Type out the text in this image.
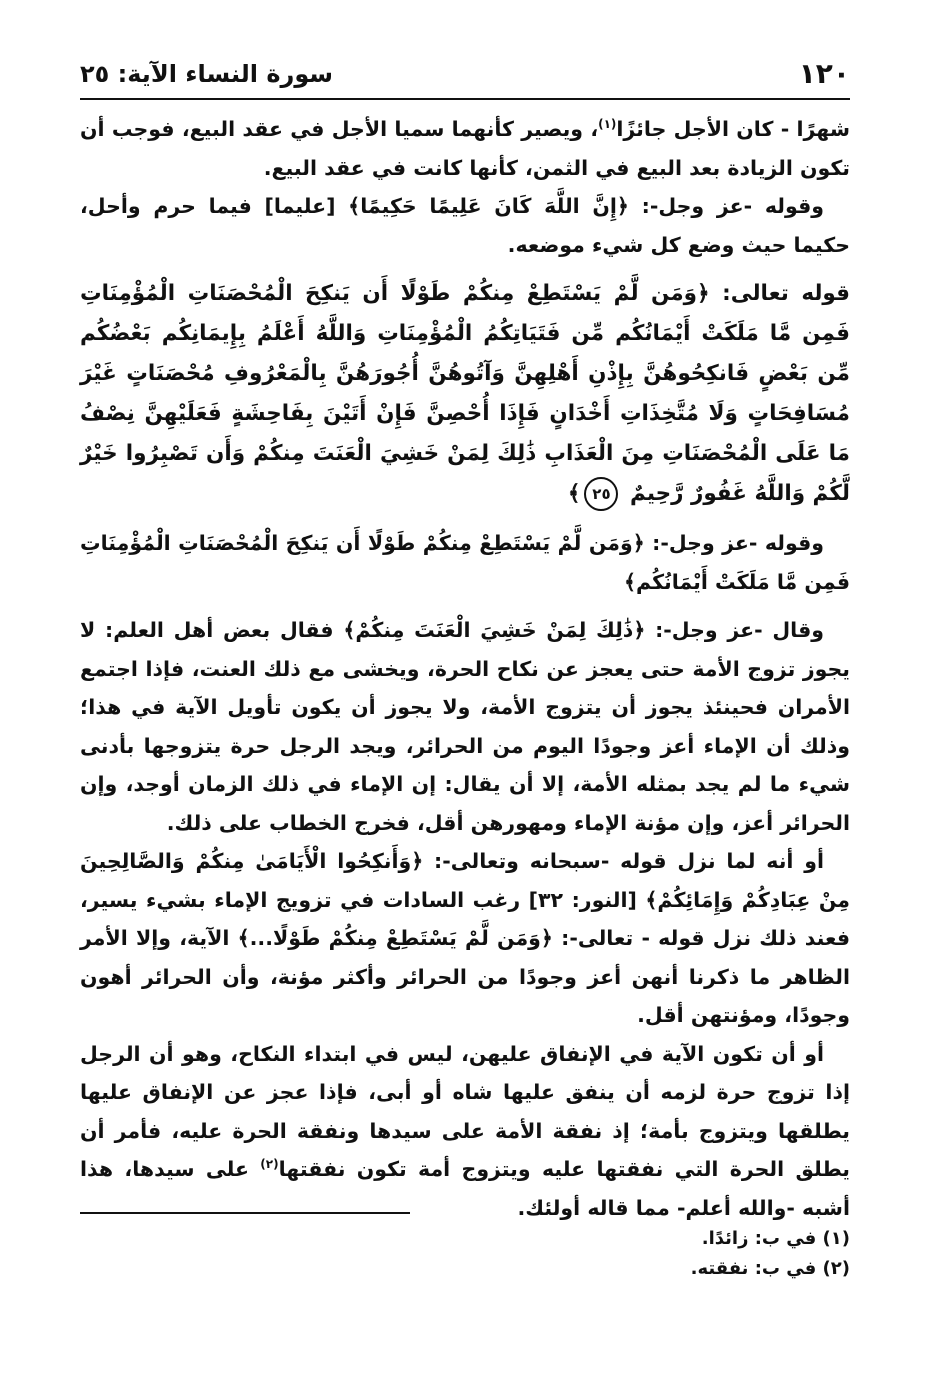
١٢٠
سورة النساء الآية: ٢٥

شهرًا - كان الأجل جائزًا$^{(١)}$، ويصير كأنهما سميا الأجل في عقد البيع، فوجب أن تكون الزيادة بعد البيع في الثمن، كأنها كانت في عقد البيع.

وقوله -عز وجل-: ﴿إِنَّ اللَّهَ كَانَ عَلِيمًا حَكِيمًا﴾ [عليما] فيما حرم وأحل، حكيما حيث وضع كل شيء موضعه.

قوله تعالى: ﴿وَمَن لَّمْ يَسْتَطِعْ مِنكُمْ طَوْلًا أَن يَنكِحَ الْمُحْصَنَاتِ الْمُؤْمِنَاتِ فَمِن مَّا مَلَكَتْ أَيْمَانُكُم مِّن فَتَيَاتِكُمُ الْمُؤْمِنَاتِ وَاللَّهُ أَعْلَمُ بِإِيمَانِكُم بَعْضُكُم مِّن بَعْضٍ فَانكِحُوهُنَّ بِإِذْنِ أَهْلِهِنَّ وَآتُوهُنَّ أُجُورَهُنَّ بِالْمَعْرُوفِ مُحْصَنَاتٍ غَيْرَ مُسَافِحَاتٍ وَلَا مُتَّخِذَاتِ أَخْدَانٍ فَإِذَا أُحْصِنَّ فَإِنْ أَتَيْنَ بِفَاحِشَةٍ فَعَلَيْهِنَّ نِصْفُ مَا عَلَى الْمُحْصَنَاتِ مِنَ الْعَذَابِ ذَٰلِكَ لِمَنْ خَشِيَ الْعَنَتَ مِنكُمْ وَأَن تَصْبِرُوا خَيْرٌ لَّكُمْ وَاللَّهُ غَفُورٌ رَّحِيمٌ ٢٥﴾

وقوله -عز وجل-: ﴿وَمَن لَّمْ يَسْتَطِعْ مِنكُمْ طَوْلًا أَن يَنكِحَ الْمُحْصَنَاتِ الْمُؤْمِنَاتِ فَمِن مَّا مَلَكَتْ أَيْمَانُكُم﴾

وقال -عز وجل-: ﴿ذَٰلِكَ لِمَنْ خَشِيَ الْعَنَتَ مِنكُمْ﴾ فقال بعض أهل العلم: لا يجوز تزوج الأمة حتى يعجز عن نكاح الحرة، ويخشى مع ذلك العنت، فإذا اجتمع الأمران فحينئذ يجوز أن يتزوج الأمة، ولا يجوز أن يكون تأويل الآية في هذا؛ وذلك أن الإماء أعز وجودًا اليوم من الحرائر، ويجد الرجل حرة يتزوجها بأدنى شيء ما لم يجد بمثله الأمة، إلا أن يقال: إن الإماء في ذلك الزمان أوجد، وإن الحرائر أعز، وإن مؤنة الإماء ومهورهن أقل، فخرج الخطاب على ذلك.

أو أنه لما نزل قوله -سبحانه وتعالى-: ﴿وَأَنكِحُوا الْأَيَامَىٰ مِنكُمْ وَالصَّالِحِينَ مِنْ عِبَادِكُمْ وَإِمَائِكُمْ﴾ [النور: ٣٢] رغب السادات في تزويج الإماء بشيء يسير، فعند ذلك نزل قوله - تعالى-: ﴿وَمَن لَّمْ يَسْتَطِعْ مِنكُمْ طَوْلًا...﴾ الآية، وإلا الأمر الظاهر ما ذكرنا أنهن أعز وجودًا من الحرائر وأكثر مؤنة، وأن الحرائر أهون وجودًا، ومؤنتهن أقل.

أو أن تكون الآية في الإنفاق عليهن، ليس في ابتداء النكاح، وهو أن الرجل إذا تزوج حرة لزمه أن ينفق عليها شاه أو أبى، فإذا عجز عن الإنفاق عليها يطلقها ويتزوج بأمة؛ إذ نفقة الأمة على سيدها ونفقة الحرة عليه، فأمر أن يطلق الحرة التي نفقتها عليه ويتزوج أمة تكون نفقتها$^{(٢)}$ على سيدها، هذا أشبه -والله أعلم- مما قاله أولئك.

(١) في ب: زائدًا.
(٢) في ب: نفقته.
